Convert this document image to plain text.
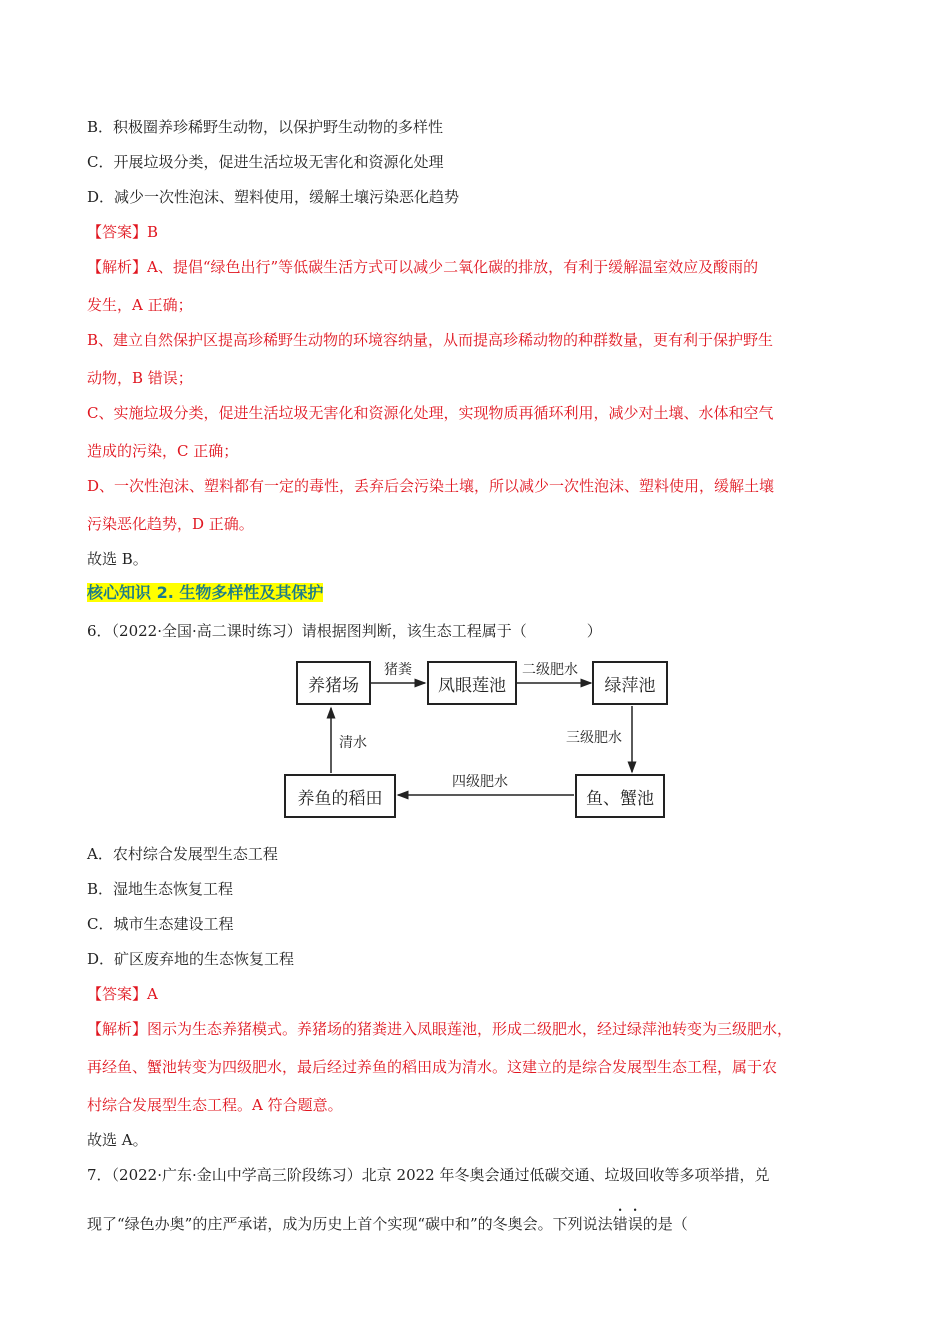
B．积极圈养珍稀野生动物，以保护野生动物的多样性
C．开展垃圾分类，促进生活垃圾无害化和资源化处理
D．减少一次性泡沫、塑料使用，缓解土壤污染恶化趋势
【答案】B
【解析】A、提倡“绿色出行”等低碳生活方式可以减少二氧化碳的排放，有利于缓解温室效应及酸雨的
发生，A 正确；
B、建立自然保护区提高珍稀野生动物的环境容纳量，从而提高珍稀动物的种群数量，更有利于保护野生
动物，B 错误；
C、实施垃圾分类，促进生活垃圾无害化和资源化处理，实现物质再循环利用，减少对土壤、水体和空气
造成的污染，C 正确；
D、一次性泡沫、塑料都有一定的毒性，丢弃后会污染土壤，所以减少一次性泡沫、塑料使用，缓解土壤
污染恶化趋势，D 正确。
故选 B。
核心知识 2. 生物多样性及其保护
6．（2022·全国·高二课时练习）请根据图判断，该生态工程属于（　　　　）
养猪场	凤眼莲池	绿萍池
鱼、蟹池
养鱼的稻田
猪粪	二级肥水
三级肥水
四级肥水
清水
A．农村综合发展型生态工程
B．湿地生态恢复工程
C．城市生态建设工程
D．矿区废弃地的生态恢复工程
【答案】A
【解析】图示为生态养猪模式。养猪场的猪粪进入凤眼莲池，形成二级肥水，经过绿萍池转变为三级肥水，
再经鱼、蟹池转变为四级肥水，最后经过养鱼的稻田成为清水。这建立的是综合发展型生态工程，属于农
村综合发展型生态工程。A 符合题意。
故选 A。
7．（2022·广东·金山中学高三阶段练习）北京 2022 年冬奥会通过低碳交通、垃圾回收等多项举措，兑
现了“绿色办奥”的庄严承诺，成为历史上首个实现“碳中和”的冬奥会。下列说法错误的是（
